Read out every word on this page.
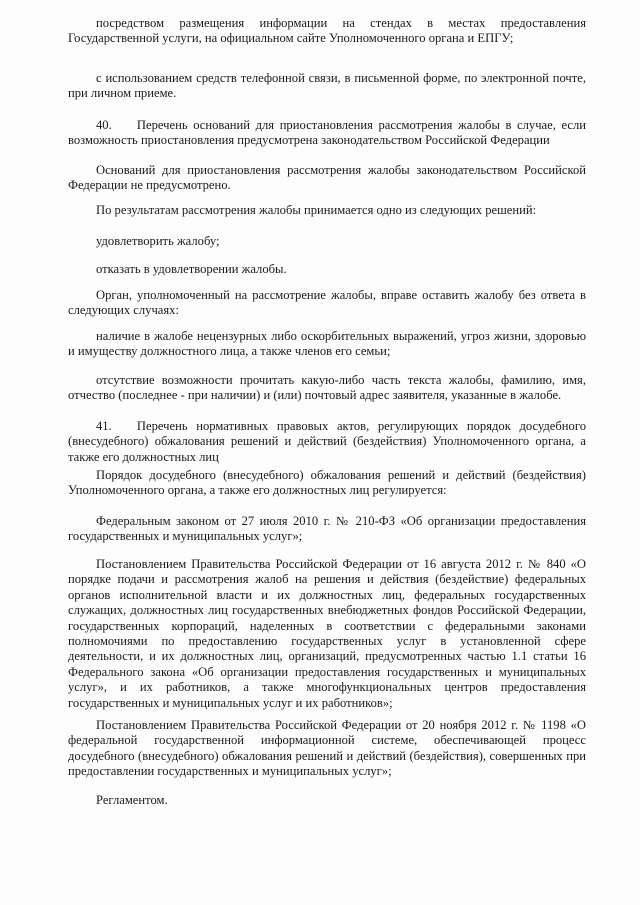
посредством размещения информации на стендах в местах предоставления Государственной услуги, на официальном сайте Уполномоченного органа и ЕПГУ;

с использованием средств телефонной связи, в письменной форме, по электронной почте, при личном приеме.

40.  Перечень оснований для приостановления рассмотрения жалобы в случае, если возможность приостановления предусмотрена законодательством Российской Федерации

Оснований для приостановления рассмотрения жалобы законодательством Российской Федерации не предусмотрено.

По результатам рассмотрения жалобы принимается одно из следующих решений:

удовлетворить жалобу;

отказать в удовлетворении жалобы.

Орган, уполномоченный на рассмотрение жалобы, вправе оставить жалобу без ответа в следующих случаях:

наличие в жалобе нецензурных либо оскорбительных выражений, угроз жизни, здоровью и имуществу должностного лица, а также членов его семьи;

отсутствие возможности прочитать какую-либо часть текста жалобы, фамилию, имя, отчество (последнее - при наличии) и (или) почтовый адрес заявителя, указанные в жалобе.

41.  Перечень нормативных правовых актов, регулирующих порядок досудебного (внесудебного) обжалования решений и действий (бездействия) Уполномоченного органа, а также его должностных лиц

Порядок досудебного (внесудебного) обжалования решений и действий (бездействия) Уполномоченного органа, а также его должностных лиц регулируется:

Федеральным законом от 27 июля 2010 г. № 210-ФЗ «Об организации предоставления государственных и муниципальных услуг»;

Постановлением Правительства Российской Федерации от 16 августа 2012 г. № 840 «О порядке подачи и рассмотрения жалоб на решения и действия (бездействие) федеральных органов исполнительной власти и их должностных лиц, федеральных государственных служащих, должностных лиц государственных внебюджетных фондов Российской Федерации, государственных корпораций, наделенных в соответствии с федеральными законами полномочиями по предоставлению государственных услуг в установленной сфере деятельности, и их должностных лиц, организаций, предусмотренных частью 1.1 статьи 16 Федерального закона «Об организации предоставления государственных и муниципальных услуг», и их работников, а также многофункциональных центров предоставления государственных и муниципальных услуг и их работников»;

Постановлением Правительства Российской Федерации от 20 ноября 2012 г. № 1198 «О федеральной государственной информационной системе, обеспечивающей процесс досудебного (внесудебного) обжалования решений и действий (бездействия), совершенных при предоставлении государственных и муниципальных услуг»;

Регламентом.
